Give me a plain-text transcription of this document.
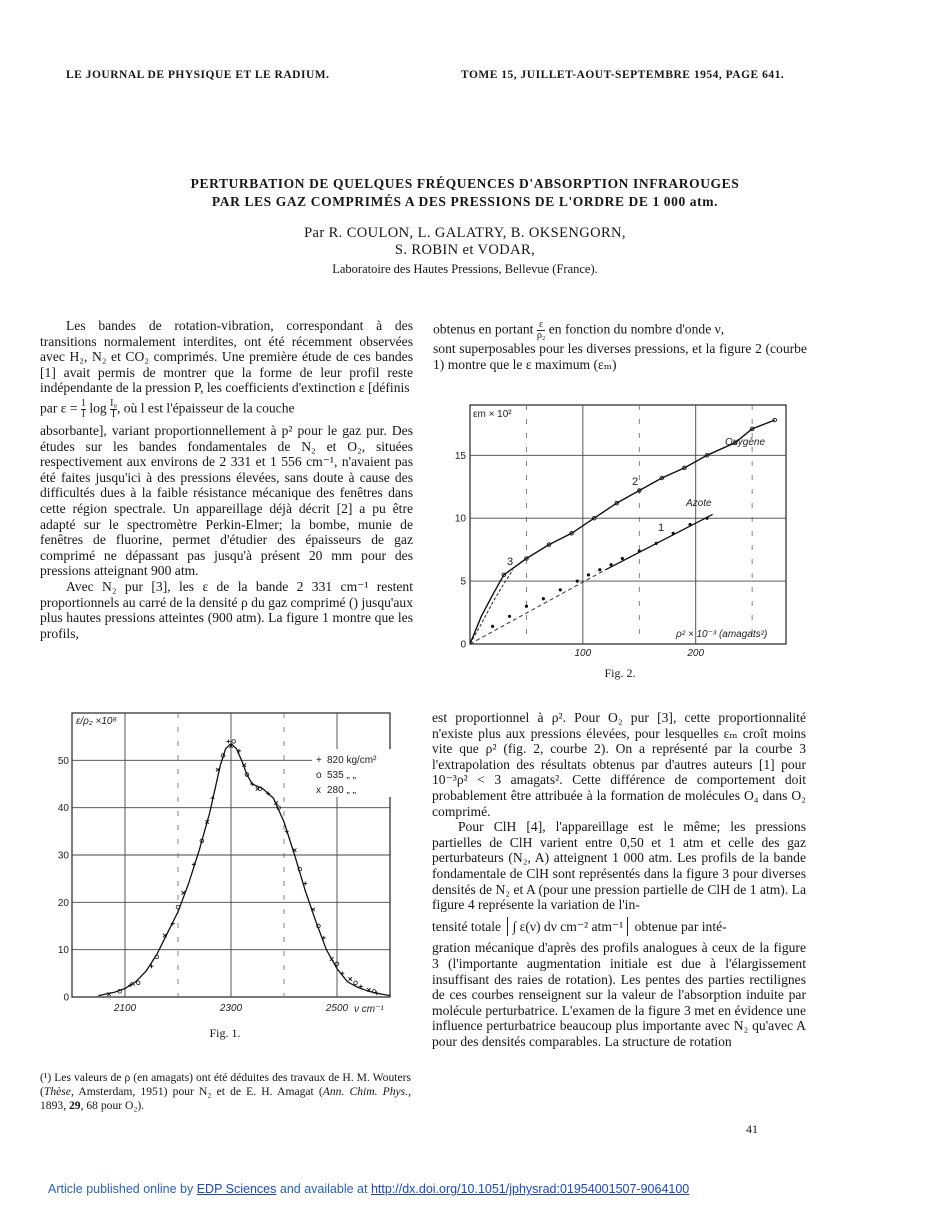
LE JOURNAL DE PHYSIQUE ET LE RADIUM.	TOME 15, JUILLET-AOUT-SEPTEMBRE 1954, PAGE 641.
PERTURBATION DE QUELQUES FRÉQUENCES D'ABSORPTION INFRAROUGES
PAR LES GAZ COMPRIMÉS A DES PRESSIONS DE L'ORDRE DE 1 000 atm.
Par R. COULON, L. GALATRY, B. OKSENGORN,
S. ROBIN et VODAR,
Laboratoire des Hautes Pressions, Bellevue (France).

Les bandes de rotation-vibration, correspondant à des transitions normalement interdites, ont été récemment observées avec H₂, N₂ et CO₂ comprimés. Une première étude de ces bandes [1] avait permis de montrer que la forme de leur profil reste indépendante de la pression P, les coefficients d'extinction ε [définis

par $\varepsilon = \frac{1}{l}$ $\log \frac{\text{I₀}}{I}$ , où l est l'épaisseur de la couche

absorbante], variant proportionnellement à p² pour le gaz pur. Des études sur les bandes fondamentales de N₂ et O₂, situées respectivement aux environs de 2 331 et 1 556 cm⁻¹, n'avaient pas été faites jusqu'ici à des pressions élevées, sans doute à cause des difficultés dues à la faible résistance mécanique des fenêtres dans cette région spectrale. Un appareillage déjà décrit [2] a pu être adapté sur le spectromètre Perkin-Elmer; la bombe, munie de fenêtres de fluorine, permet d'étudier des épaisseurs de gaz comprimé ne dépassant pas jusqu'à présent 20 mm pour des pressions atteignant 900 atm.

Avec N₂ pur [3], les ε de la bande 2 331 cm⁻¹ restent proportionnels au carré de la densité ρ du gaz comprimé () jusqu'aux plus hautes pressions atteintes (900 atm). La figure 1 montre que les profils,

obtenus en portant $\frac{\varepsilon}{\text{ρ₂}}$ en fonction du nombre d'onde ν,

sont superposables pour les diverses pressions, et la figure 2 (courbe 1) montre que le ε maximum (εₘ)

100	200
0
5
10
15
εm × 10²
ρ² × 10⁻³ (amagats²)
Oxygène
Azote
2
1
3
Fig. 2.

est proportionnel à ρ². Pour O₂ pur [3], cette proportionnalité n'existe plus aux pressions élevées, pour lesquelles εₘ croît moins vite que ρ² (fig. 2, courbe 2). On a représenté par la courbe 3 l'extrapolation des résultats obtenus par d'autres auteurs [1] pour 10⁻³ρ² < 3 amagats². Cette différence de comportement doit probablement être attribuée à la formation de molécules O₄ dans O₂ comprimé.

Pour ClH [4], l'appareillage est le même; les pressions partielles de ClH varient entre 0,50 et 1 atm et celle des gaz perturbateurs (N₂, A) atteignent 1 000 atm. Les profils de la bande fondamentale de ClH sont représentés dans la figure 3 pour diverses densités de N₂ et A (pour une pression partielle de ClH de 1 atm). La figure 4 représente la variation de l'in-

tensité totale ∫ ε(ν) dν cm⁻² atm⁻¹ obtenue par inté-

gration mécanique d'après des profils analogues à ceux de la figure 3 (l'importante augmentation initiale est due à l'élargissement insuffisant des raies de rotation). Les pentes des parties rectilignes de ces courbes renseignent sur la valeur de l'absorption induite par molécule perturbatrice. L'examen de la figure 3 met en évidence une influence perturbatrice beaucoup plus importante avec N₂ qu'avec A pour des densités comparables. La structure de rotation

2100	2300	2500
0
10
20
30
40
50	+ 820 kg/cm²
o 535 „ „
x 280 „ „
ε/ρ₂ ×10⁸
ν cm⁻¹
Fig. 1.
(¹) Les valeurs de ρ (en amagats) ont été déduites des travaux de H. M. Wouters (Thèse, Amsterdam, 1951) pour N₂ et de E. H. Amagat (Ann. Chim. Phys., 1893, 29, 68 pour O₂).
41
Article published online by EDP Sciences and available at http://dx.doi.org/10.1051/jphysrad:01954001507-9064100
